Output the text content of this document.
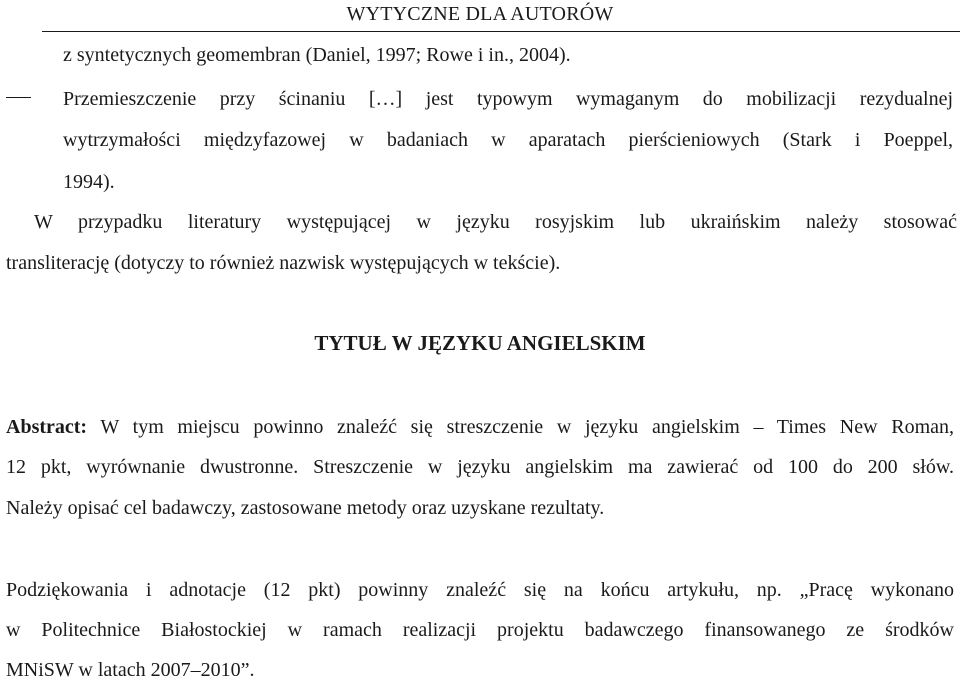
WYTYCZNE DLA AUTORÓW
z syntetycznych geomembran (Daniel, 1997; Rowe i in., 2004).
Przemieszczenie przy ścinaniu […] jest typowym wymaganym do mobilizacji rezydualnej
wytrzymałości międzyfazowej w badaniach w aparatach pierścieniowych (Stark i Poeppel,
1994).
W przypadku literatury występującej w języku rosyjskim lub ukraińskim należy stosować
transliterację (dotyczy to również nazwisk występujących w tekście).
TYTUŁ W JĘZYKU ANGIELSKIM
Abstract: W tym miejscu powinno znaleźć się streszczenie w języku angielskim – Times New Roman,
12 pkt, wyrównanie dwustronne. Streszczenie w języku angielskim ma zawierać od 100 do 200 słów.
Należy opisać cel badawczy, zastosowane metody oraz uzyskane rezultaty.
Podziękowania i adnotacje (12 pkt) powinny znaleźć się na końcu artykułu, np. „Pracę wykonano
w Politechnice Białostockiej w ramach realizacji projektu badawczego finansowanego ze środków
MNiSW w latach 2007–2010”.
